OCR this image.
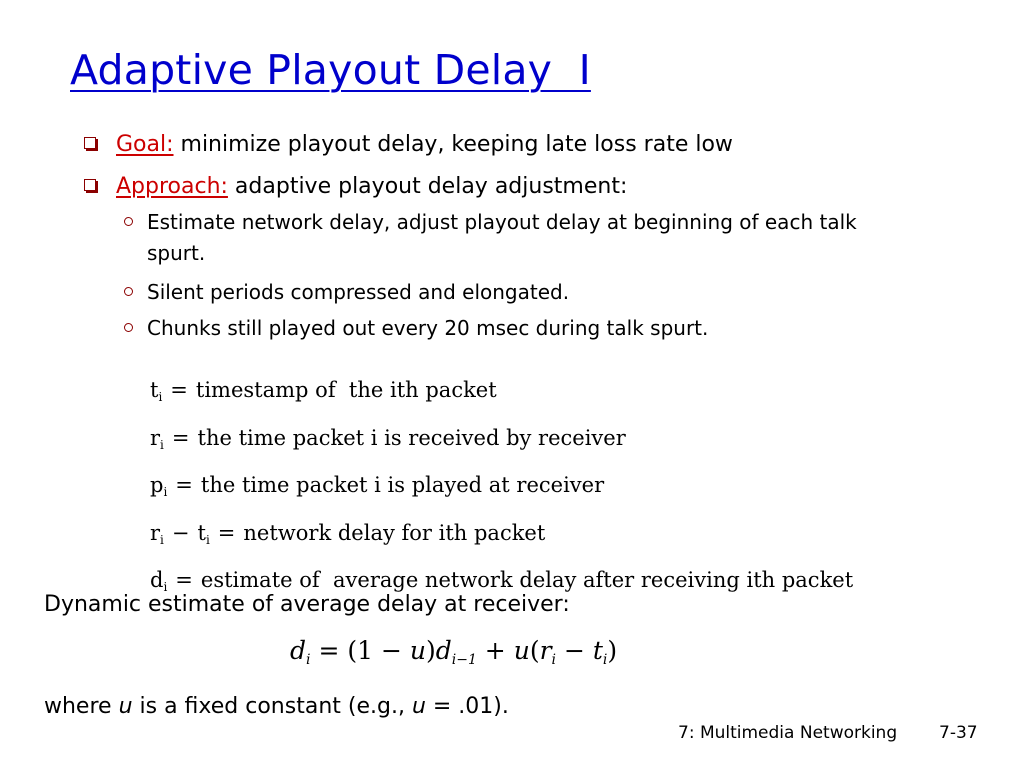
Adaptive Playout Delay  I
Goal: minimize playout delay, keeping late loss rate low
Approach: adaptive playout delay adjustment:
Estimate network delay, adjust playout delay at beginning of each talk spurt.
Silent periods compressed and elongated.
Chunks still played out every 20 msec during talk spurt.
$t_i$ = timestamp of  the ith packet
$r_i$ = the time packet i is received by receiver
$p_i$ = the time packet i is played at receiver
$r_i - t_i$ = network delay for ith packet
$d_i$ = estimate of  average network delay after receiving ith packet
Dynamic estimate of average delay at receiver:
$d_i = (1 - u)d_{i-1} + u(r_i - t_i)$
where u is a fixed constant (e.g., u = .01).
7: Multimedia Networking 7-37
